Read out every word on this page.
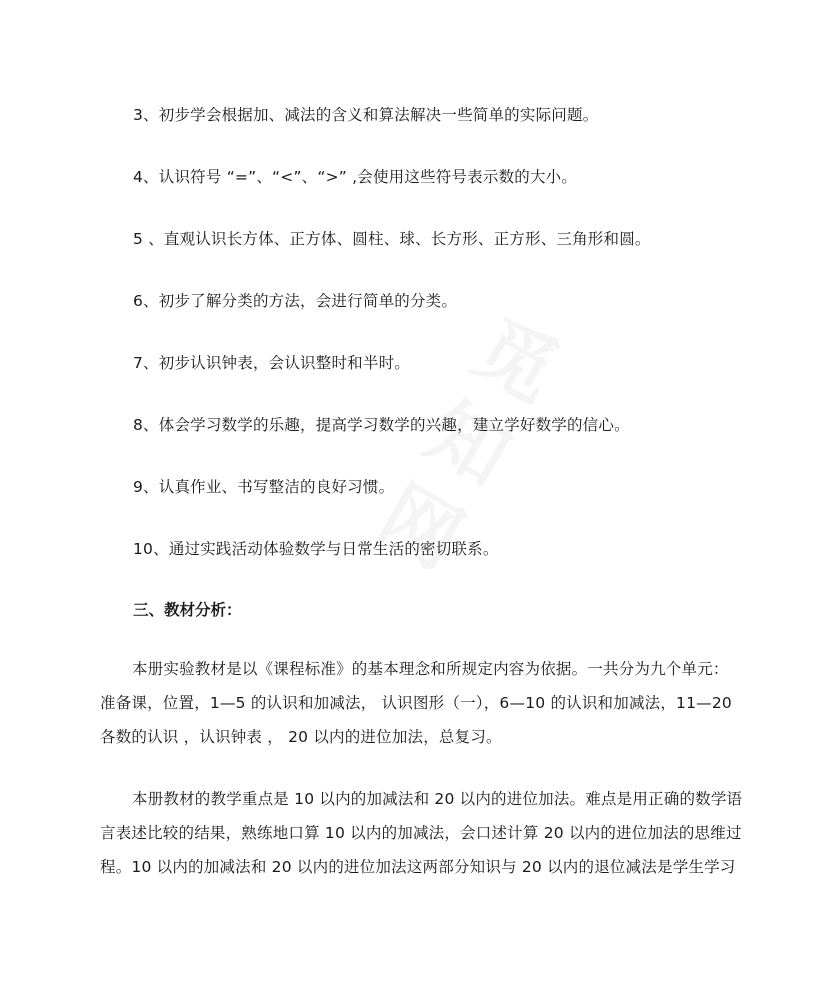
3、初步学会根据加、减法的含义和算法解决一些简单的实际问题。
4、认识符号 “=”、“<”、“>” ,会使用这些符号表示数的大小。
5 、直观认识长方体、正方体、圆柱、球、长方形、正方形、三角形和圆。
6、初步了解分类的方法，会进行简单的分类。
7、初步认识钟表，会认识整时和半时。
8、体会学习数学的乐趣，提高学习数学的兴趣，建立学好数学的信心。
9、认真作业、书写整洁的良好习惯。
10、通过实践活动体验数学与日常生活的密切联系。
三、教材分析：
本册实验教材是以《课程标准》的基本理念和所规定内容为依据。一共分为九个单元：
准备课，位置，1—5 的认识和加减法， 认识图形（一），6—10 的认识和加减法，11—20
各数的认识 ，认识钟表 ， 20 以内的进位加法，总复习。
本册教材的教学重点是 10 以内的加减法和 20 以内的进位加法。难点是用正确的数学语
言表述比较的结果，熟练地口算 10 以内的加减法，会口述计算 20 以内的进位加法的思维过
程。10 以内的加减法和 20 以内的进位加法这两部分知识与 20 以内的退位减法是学生学习
